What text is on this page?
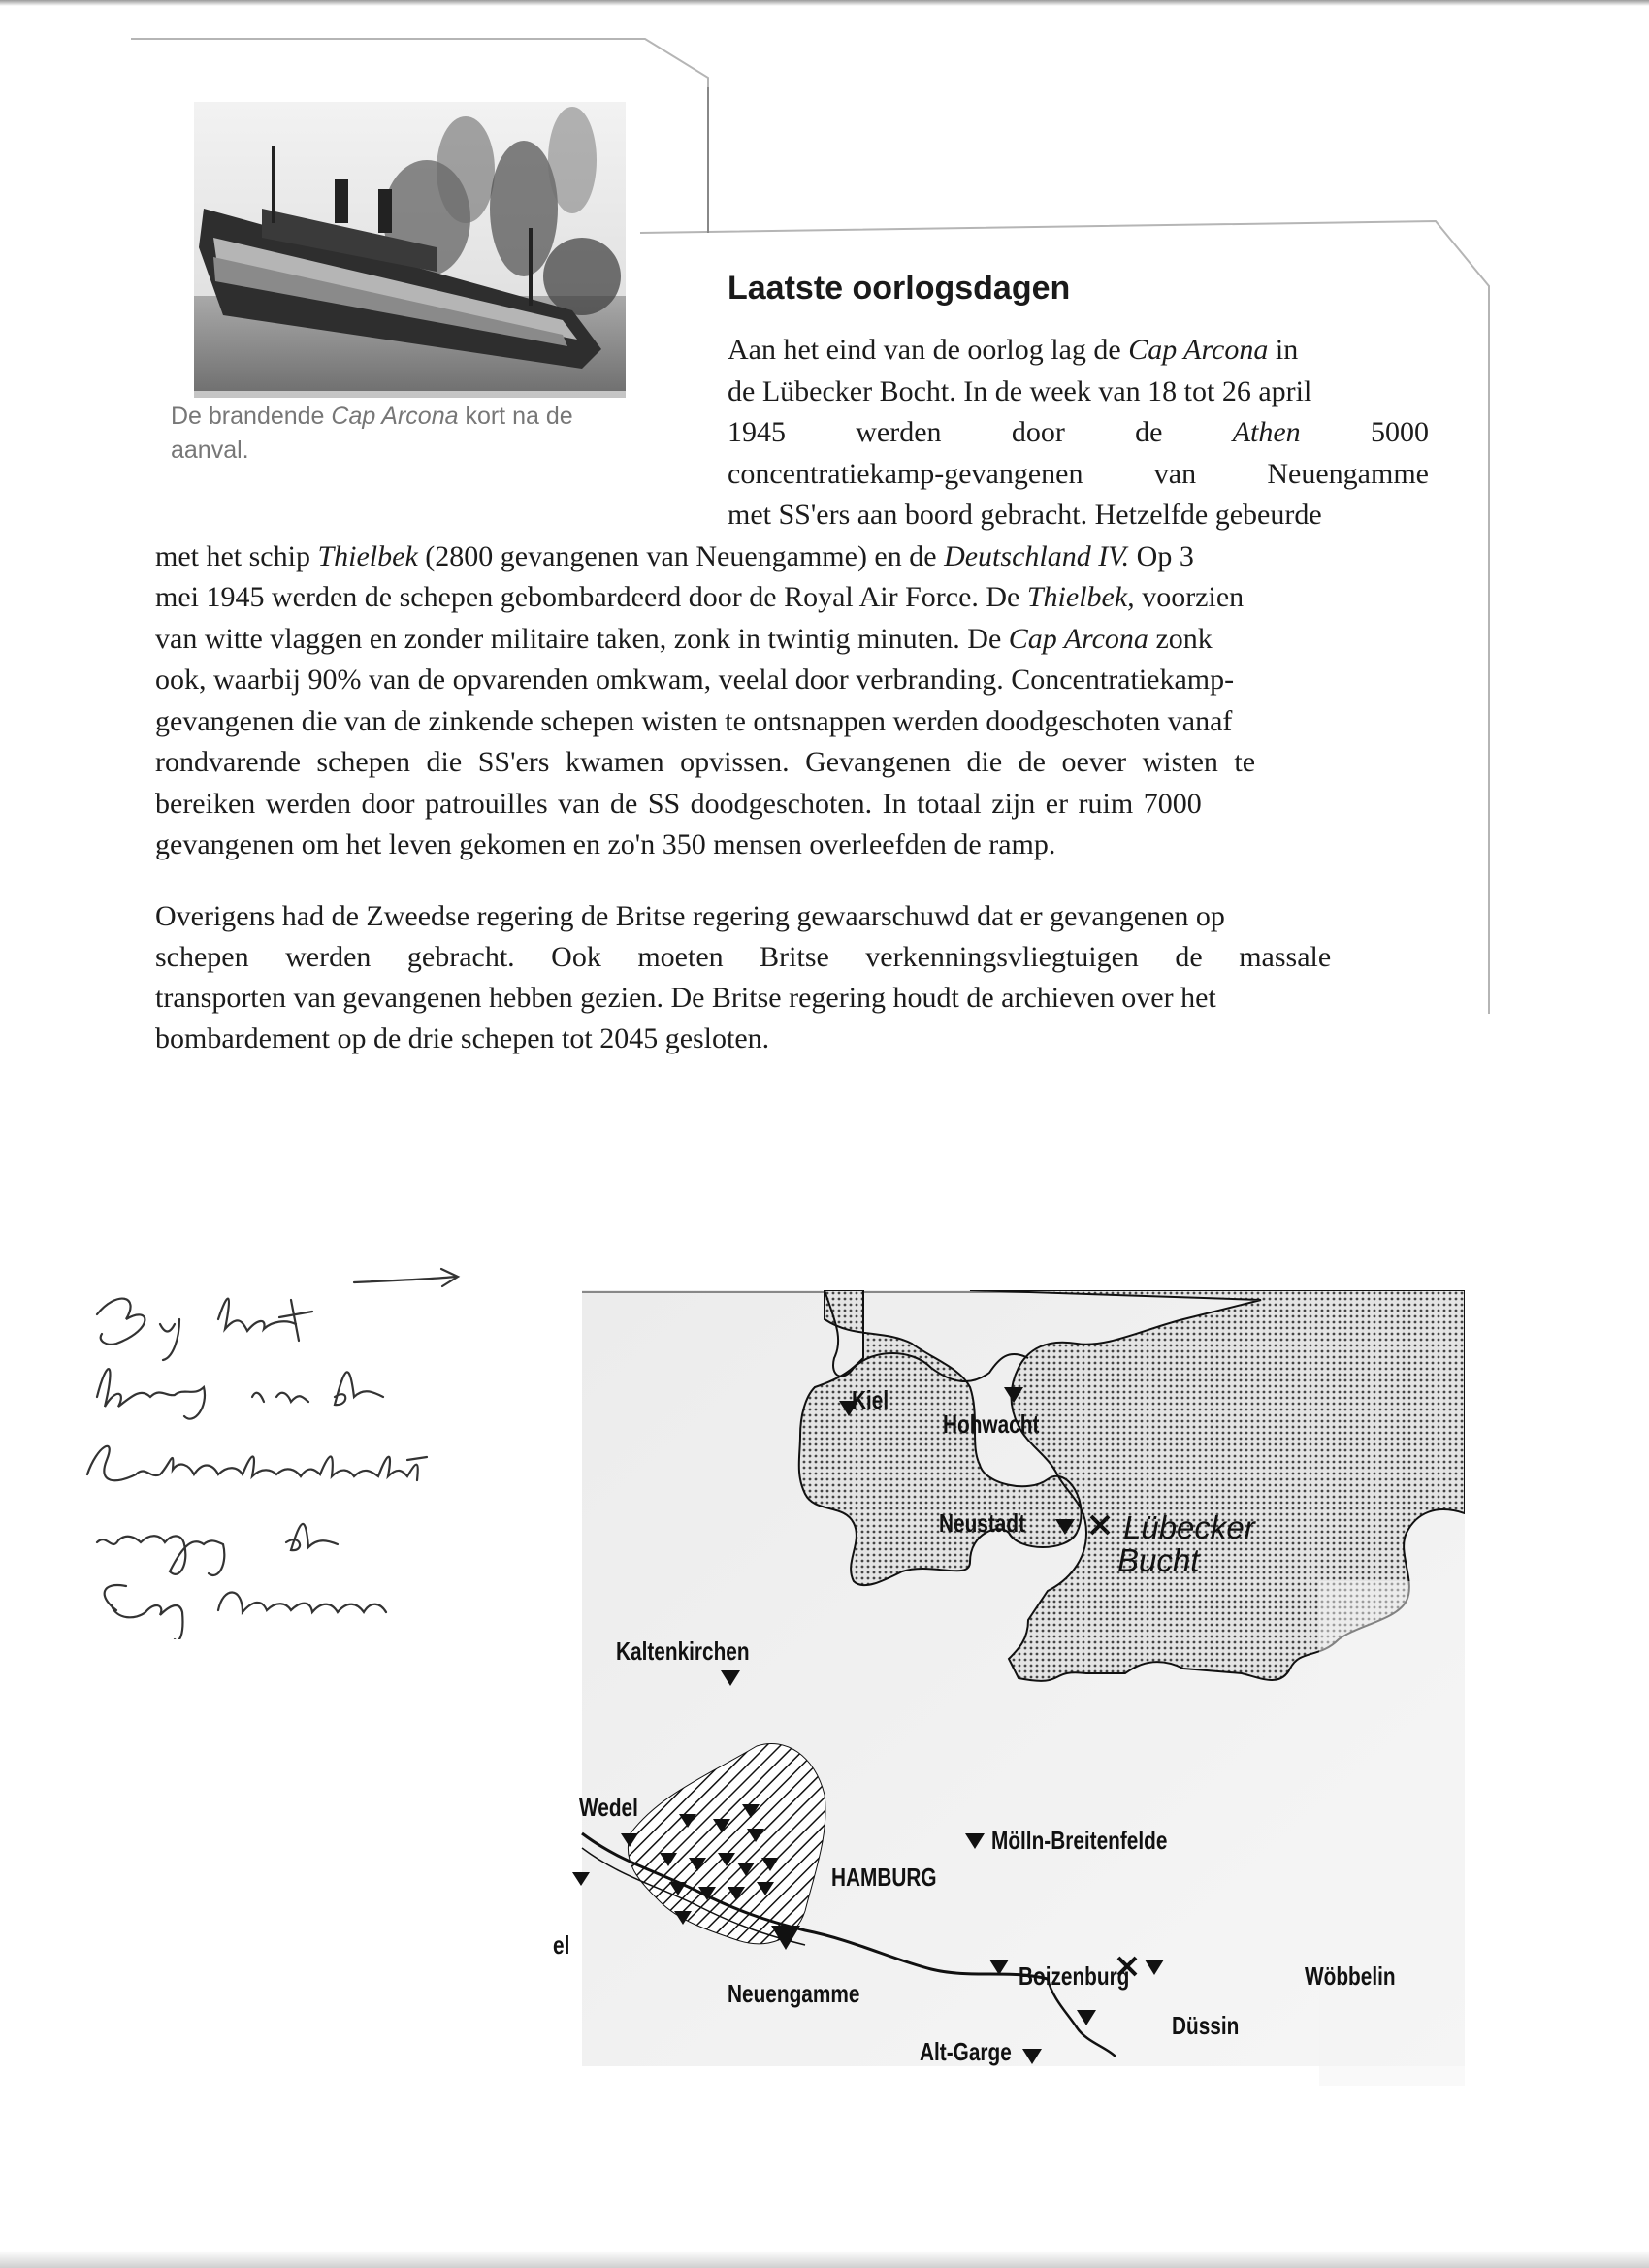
De brandende Cap Arcona kort na de
aanval.
Laatste oorlogsdagen
Aan het eind van de oorlog lag de Cap Arcona in
de Lübecker Bocht. In de week van 18 tot 26 april
1945 werden door de Athen 5000
concentratiekamp-gevangenen van Neuengamme
met SS'ers aan boord gebracht. Hetzelfde gebeurde
met het schip Thielbek (2800 gevangenen van Neuengamme) en de Deutschland IV. Op 3
mei 1945 werden de schepen gebombardeerd door de Royal Air Force. De Thielbek, voorzien
van witte vlaggen en zonder militaire taken, zonk in twintig minuten. De Cap Arcona zonk
ook, waarbij 90% van de opvarenden omkwam, veelal door verbranding. Concentratiekamp-
gevangenen die van de zinkende schepen wisten te ontsnappen werden doodgeschoten vanaf
rondvarende schepen die SS'ers kwamen opvissen. Gevangenen die de oever wisten te
bereiken werden door patrouilles van de SS doodgeschoten. In totaal zijn er ruim 7000
gevangenen om het leven gekomen en zo'n 350 mensen overleefden de ramp.
Overigens had de Zweedse regering de Britse regering gewaarschuwd dat er gevangenen op
schepen werden gebracht. Ook moeten Britse verkenningsvliegtuigen de massale
transporten van gevangenen hebben gezien. De Britse regering houdt de archieven over het
bombardement op de drie schepen tot 2045 gesloten.
Kiel
Hohwacht
Neustadt	Lübecker
Bucht
Kaltenkirchen
Wedel
HAMBURG
Mölln-Breitenfelde
Neuengamme
Boizenburg	Wöbbelin
Düssin
Alt-Garge
el
